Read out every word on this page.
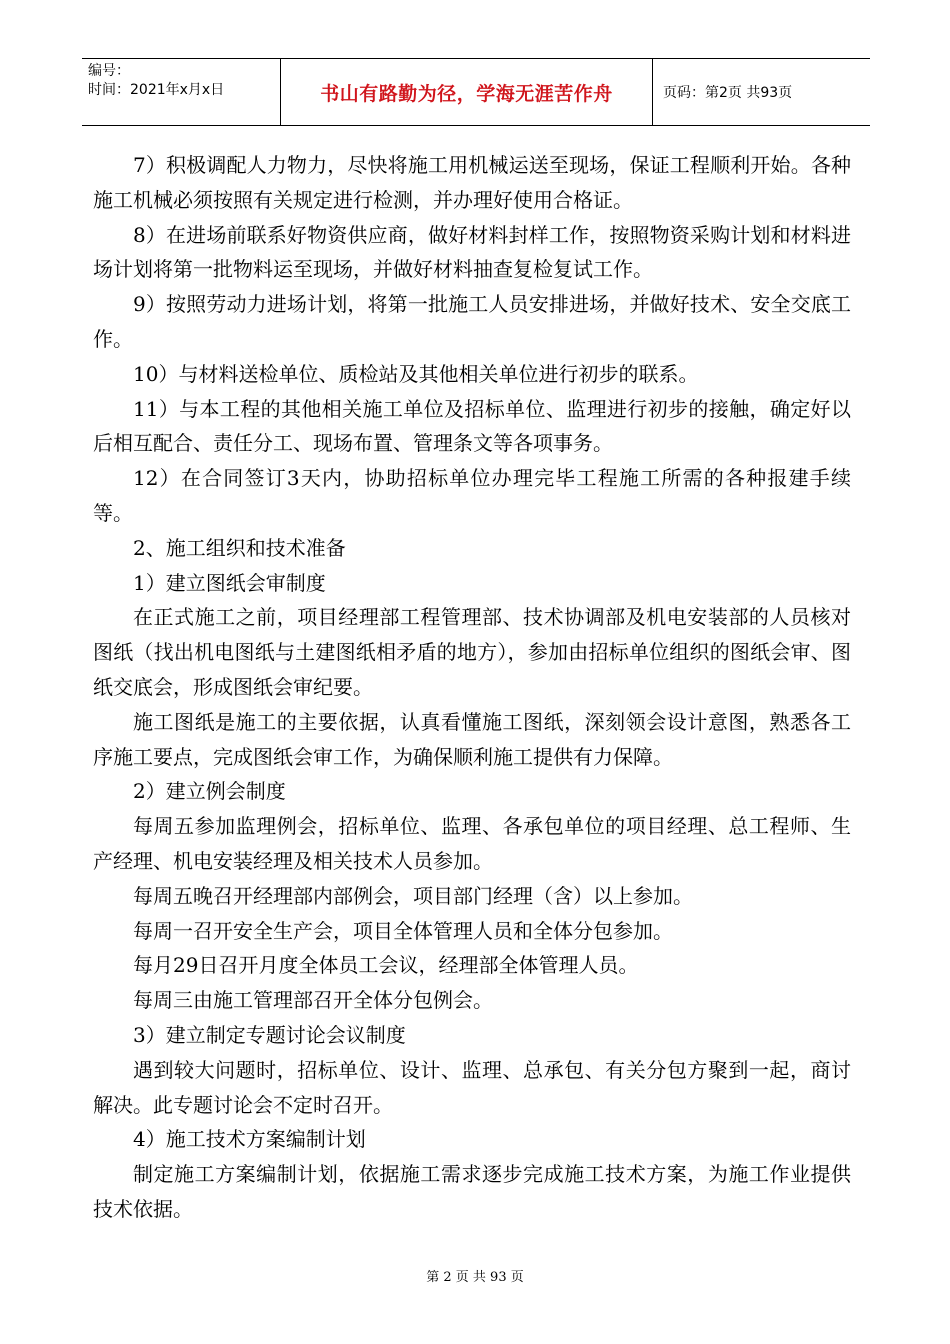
编号：
时间：2021年x月x日	书山有路勤为径，学海无涯苦作舟	页码：第2页 共93页

7）积极调配人力物力，尽快将施工用机械运送至现场，保证工程顺利开始。各种施工机械必须按照有关规定进行检测，并办理好使用合格证。

8）在进场前联系好物资供应商，做好材料封样工作，按照物资采购计划和材料进场计划将第一批物料运至现场，并做好材料抽查复检复试工作。

9）按照劳动力进场计划，将第一批施工人员安排进场，并做好技术、安全交底工作。

10）与材料送检单位、质检站及其他相关单位进行初步的联系。

11）与本工程的其他相关施工单位及招标单位、监理进行初步的接触，确定好以后相互配合、责任分工、现场布置、管理条文等各项事务。

12）在合同签订3天内，协助招标单位办理完毕工程施工所需的各种报建手续等。

2、施工组织和技术准备

1）建立图纸会审制度

在正式施工之前，项目经理部工程管理部、技术协调部及机电安装部的人员核对图纸（找出机电图纸与土建图纸相矛盾的地方），参加由招标单位组织的图纸会审、图纸交底会，形成图纸会审纪要。

施工图纸是施工的主要依据，认真看懂施工图纸，深刻领会设计意图，熟悉各工序施工要点，完成图纸会审工作，为确保顺利施工提供有力保障。

2）建立例会制度

每周五参加监理例会，招标单位、监理、各承包单位的项目经理、总工程师、生产经理、机电安装经理及相关技术人员参加。

每周五晚召开经理部内部例会，项目部门经理（含）以上参加。

每周一召开安全生产会，项目全体管理人员和全体分包参加。

每月29日召开月度全体员工会议，经理部全体管理人员。

每周三由施工管理部召开全体分包例会。

3）建立制定专题讨论会议制度

遇到较大问题时，招标单位、设计、监理、总承包、有关分包方聚到一起，商讨解决。此专题讨论会不定时召开。

4）施工技术方案编制计划

制定施工方案编制计划，依据施工需求逐步完成施工技术方案，为施工作业提供技术依据。

第 2 页 共 93 页
